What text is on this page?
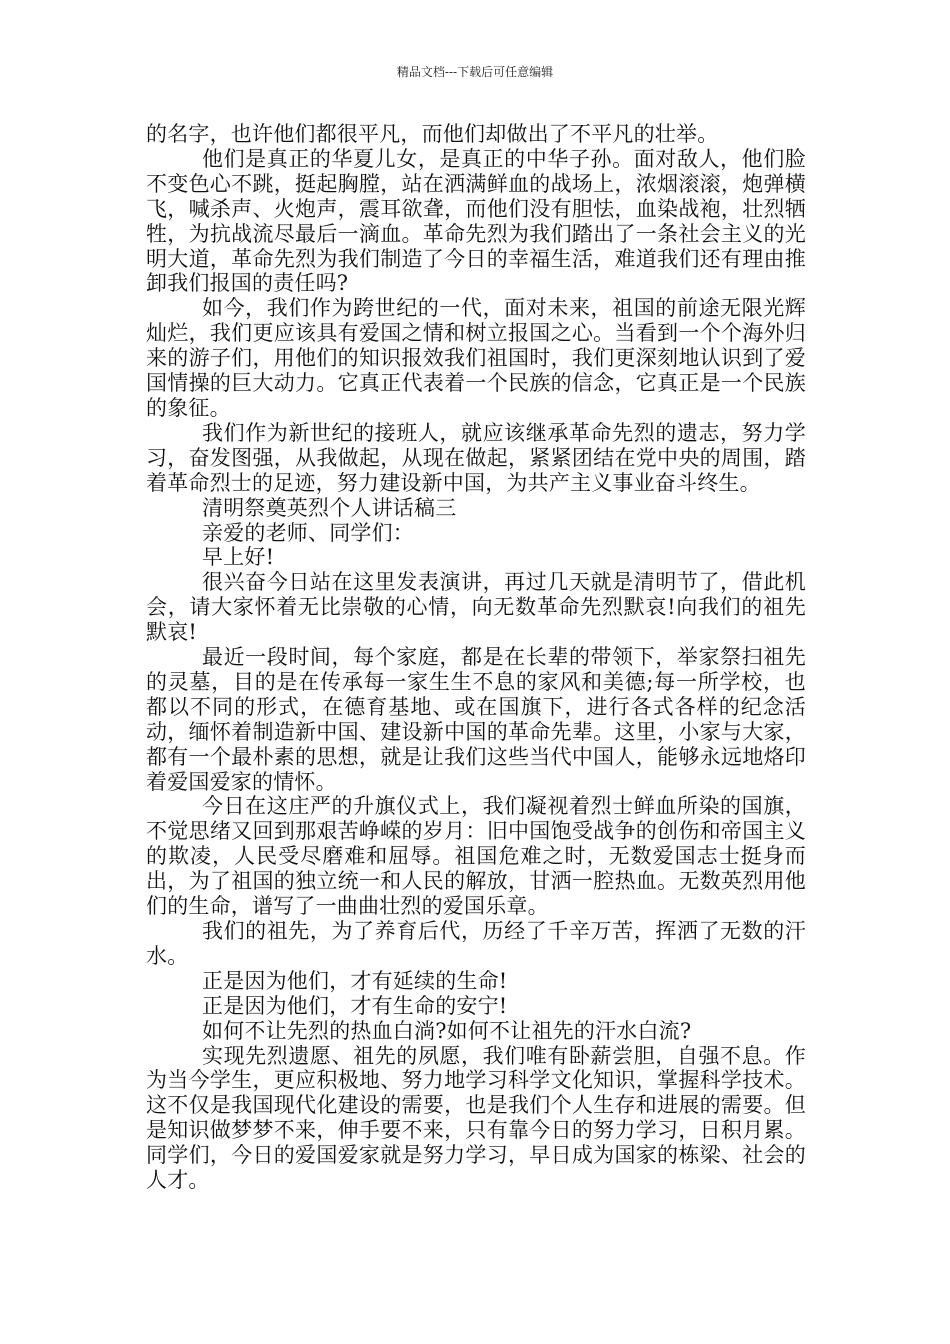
精品文档---下载后可任意编辑

的名字，也许他们都很平凡，而他们却做出了不平凡的壮举。

他们是真正的华夏儿女，是真正的中华子孙。面对敌人，他们脸不变色心不跳，挺起胸膛，站在洒满鲜血的战场上，浓烟滚滚，炮弹横飞，喊杀声、火炮声，震耳欲聋，而他们没有胆怯，血染战袍，壮烈牺牲，为抗战流尽最后一滴血。革命先烈为我们踏出了一条社会主义的光明大道，革命先烈为我们制造了今日的幸福生活，难道我们还有理由推卸我们报国的责任吗?

如今，我们作为跨世纪的一代，面对未来，祖国的前途无限光辉灿烂，我们更应该具有爱国之情和树立报国之心。当看到一个个海外归来的游子们，用他们的知识报效我们祖国时，我们更深刻地认识到了爱国情操的巨大动力。它真正代表着一个民族的信念，它真正是一个民族的象征。

我们作为新世纪的接班人，就应该继承革命先烈的遗志，努力学习，奋发图强，从我做起，从现在做起，紧紧团结在党中央的周围，踏着革命烈士的足迹，努力建设新中国，为共产主义事业奋斗终生。

清明祭奠英烈个人讲话稿三

亲爱的老师、同学们：

早上好!

很兴奋今日站在这里发表演讲，再过几天就是清明节了，借此机会，请大家怀着无比崇敬的心情，向无数革命先烈默哀!向我们的祖先默哀!

最近一段时间，每个家庭，都是在长辈的带领下，举家祭扫祖先的灵墓，目的是在传承每一家生生不息的家风和美德;每一所学校，也都以不同的形式，在德育基地、或在国旗下，进行各式各样的纪念活动，缅怀着制造新中国、建设新中国的革命先辈。这里，小家与大家，都有一个最朴素的思想，就是让我们这些当代中国人，能够永远地烙印着爱国爱家的情怀。

今日在这庄严的升旗仪式上，我们凝视着烈士鲜血所染的国旗，不觉思绪又回到那艰苦峥嵘的岁月：旧中国饱受战争的创伤和帝国主义的欺凌，人民受尽磨难和屈辱。祖国危难之时，无数爱国志士挺身而出，为了祖国的独立统一和人民的解放，甘洒一腔热血。无数英烈用他们的生命，谱写了一曲曲壮烈的爱国乐章。

我们的祖先，为了养育后代，历经了千辛万苦，挥洒了无数的汗水。

正是因为他们，才有延续的生命!

正是因为他们，才有生命的安宁!

如何不让先烈的热血白淌?如何不让祖先的汗水白流?

实现先烈遗愿、祖先的夙愿，我们唯有卧薪尝胆，自强不息。作为当今学生，更应积极地、努力地学习科学文化知识，掌握科学技术。这不仅是我国现代化建设的需要，也是我们个人生存和进展的需要。但是知识做梦梦不来，伸手要不来，只有靠今日的努力学习，日积月累。同学们，今日的爱国爱家就是努力学习，早日成为国家的栋梁、社会的人才。
